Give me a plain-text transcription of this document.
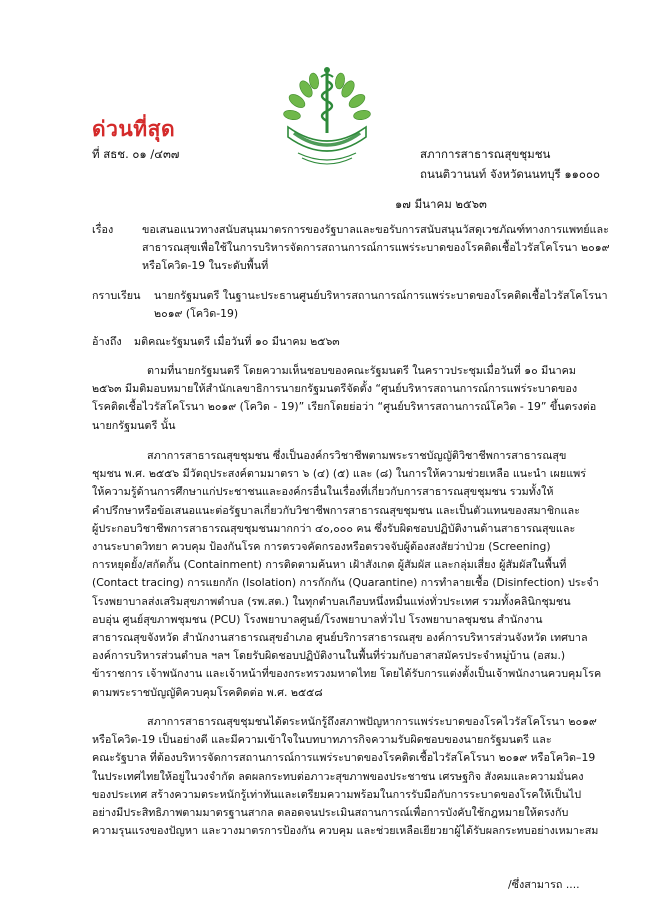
ด่วนที่สุด
ที่ สธช. ๐๑ /๔๓๗	สภาการสาธารณสุขชุมชน
ถนนติวานนท์ จังหวัดนนทบุรี ๑๑๐๐๐
๑๗ มีนาคม ๒๕๖๓
เรื่อง	ขอเสนอแนวทางสนับสนุนมาตรการของรัฐบาลและขอรับการสนับสนุนวัสดุเวชภัณฑ์ทางการแพทย์และ
สาธารณสุขเพื่อใช้ในการบริหารจัดการสถานการณ์การแพร่ระบาดของโรคติดเชื้อไวรัสโคโรนา ๒๐๑๙
หรือโควิด-19 ในระดับพื้นที่
กราบเรียน นายกรัฐมนตรี ในฐานะประธานศูนย์บริหารสถานการณ์การแพร่ระบาดของโรคติดเชื้อไวรัสโคโรนา
๒๐๑๙ (โควิด-19)
อ้างถึง มติคณะรัฐมนตรี เมื่อวันที่ ๑๐ มีนาคม ๒๕๖๓
ตามที่นายกรัฐมนตรี โดยความเห็นชอบของคณะรัฐมนตรี ในคราวประชุมเมื่อวันที่ ๑๐ มีนาคม
๒๕๖๓ มีมติมอบหมายให้สำนักเลขาธิการนายกรัฐมนตรีจัดตั้ง “ศูนย์บริหารสถานการณ์การแพร่ระบาดของ
โรคติดเชื้อไวรัสโคโรนา ๒๐๑๙ (โควิด - 19)” เรียกโดยย่อว่า “ศูนย์บริหารสถานการณ์โควิด - 19” ขึ้นตรงต่อ
นายกรัฐมนตรี นั้น
สภาการสาธารณสุขชุมชน ซึ่งเป็นองค์กรวิชาชีพตามพระราชบัญญัติวิชาชีพการสาธารณสุข
ชุมชน พ.ศ. ๒๕๕๖ มีวัตถุประสงค์ตามมาตรา ๖ (๔) (๕) และ (๘) ในการให้ความช่วยเหลือ แนะนำ เผยแพร่
ให้ความรู้ด้านการศึกษาแก่ประชาชนและองค์กรอื่นในเรื่องที่เกี่ยวกับการสาธารณสุขชุมชน รวมทั้งให้
คำปรึกษาหรือข้อเสนอแนะต่อรัฐบาลเกี่ยวกับวิชาชีพการสาธารณสุขชุมชน และเป็นตัวแทนของสมาชิกและ
ผู้ประกอบวิชาชีพการสาธารณสุขชุมชนมากกว่า ๔๐,๐๐๐ คน ซึ่งรับผิดชอบปฏิบัติงานด้านสาธารณสุขและ
งานระบาดวิทยา ควบคุม ป้องกันโรค การตรวจคัดกรองหรือตรวจจับผู้ต้องสงสัยว่าป่วย (Screening)
การหยุดยั้ง/สกัดกั้น (Containment) การติดตามค้นหา เฝ้าสังเกต ผู้สัมผัส และกลุ่มเสี่ยง ผู้สัมผัสในพื้นที่
(Contact tracing) การแยกกัก (Isolation) การกักกัน (Quarantine) การทำลายเชื้อ (Disinfection) ประจำ
โรงพยาบาลส่งเสริมสุขภาพตำบล (รพ.สต.) ในทุกตำบลเกือบหนึ่งหมื่นแห่งทั่วประเทศ รวมทั้งคลินิกชุมชน
อบอุ่น ศูนย์สุขภาพชุมชน (PCU) โรงพยาบาลศูนย์/โรงพยาบาลทั่วไป โรงพยาบาลชุมชน สำนักงาน
สาธารณสุขจังหวัด สำนักงานสาธารณสุขอำเภอ ศูนย์บริการสาธารณสุข องค์การบริหารส่วนจังหวัด เทศบาล
องค์การบริหารส่วนตำบล ฯลฯ โดยรับผิดชอบปฏิบัติงานในพื้นที่ร่วมกับอาสาสมัครประจำหมู่บ้าน (อสม.)
ข้าราชการ เจ้าพนักงาน และเจ้าหน้าที่ของกระทรวงมหาดไทย โดยได้รับการแต่งตั้งเป็นเจ้าพนักงานควบคุมโรค
ตามพระราชบัญญัติควบคุมโรคติดต่อ พ.ศ. ๒๕๕๘
สภาการสาธารณสุขชุมชนได้ตระหนักรู้ถึงสภาพปัญหาการแพร่ระบาดของโรคไวรัสโคโรนา ๒๐๑๙
หรือโควิด-19 เป็นอย่างดี และมีความเข้าใจในบทบาทภารกิจความรับผิดชอบของนายกรัฐมนตรี และ
คณะรัฐบาล ที่ต้องบริหารจัดการสถานการณ์การแพร่ระบาดของโรคติดเชื้อไวรัสโคโรนา ๒๐๑๙ หรือโควิด–19
ในประเทศไทยให้อยู่ในวงจำกัด ลดผลกระทบต่อภาวะสุขภาพของประชาชน เศรษฐกิจ สังคมและความมั่นคง
ของประเทศ สร้างความตระหนักรู้เท่าทันและเตรียมความพร้อมในการรับมือกับการระบาดของโรคให้เป็นไป
อย่างมีประสิทธิภาพตามมาตรฐานสากล ตลอดจนประเมินสถานการณ์เพื่อการบังคับใช้กฎหมายให้ตรงกับ
ความรุนแรงของปัญหา และวางมาตรการป้องกัน ควบคุม และช่วยเหลือเยียวยาผู้ได้รับผลกระทบอย่างเหมาะสม
/ซึ่งสามารถ ....
